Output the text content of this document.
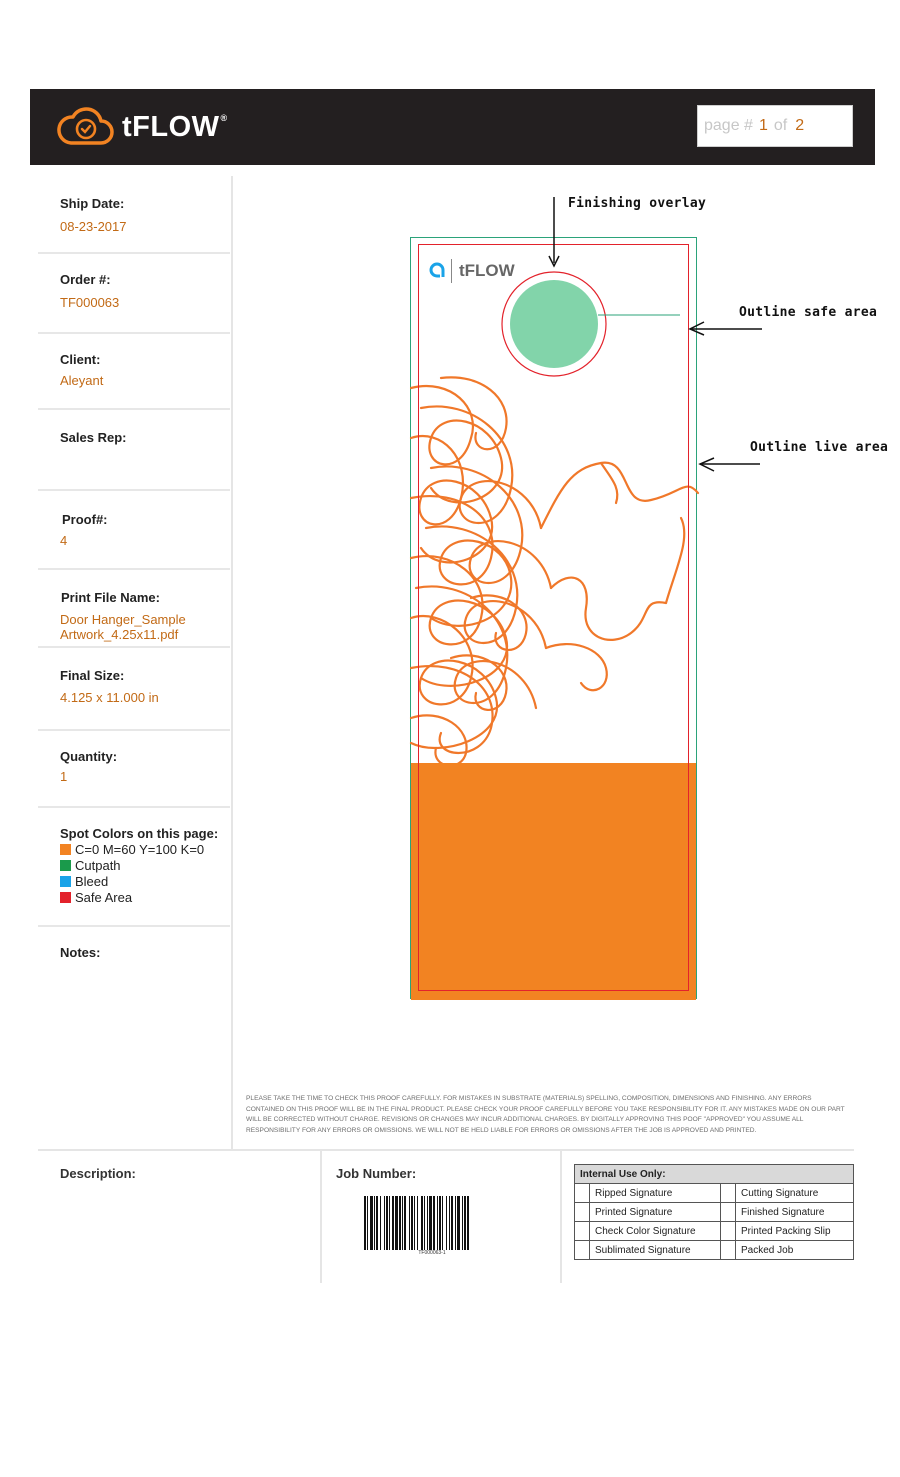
tFLOW®	page # 1 of 2
Ship Date:
08-23-2017
Order #:
TF000063
Client:
Aleyant
Sales Rep:
Proof#:
4
Print File Name:
Door Hanger_Sample
Artwork_4.25x11.pdf
Final Size:
4.125 x 11.000 in
Quantity:
1
Spot Colors on this page:
C=0 M=60 Y=100 K=0
Cutpath
Bleed
Safe Area
Notes:
Does your
workflow look
like this?
tFLOW
Finishing overlay
Outline safe area
Outline live area
PLEASE TAKE THE TIME TO CHECK THIS PROOF CAREFULLY. FOR MISTAKES IN SUBSTRATE (MATERIALS) SPELLING, COMPOSITION, DIMENSIONS AND FINISHING. ANY ERRORS CONTAINED ON THIS PROOF WILL BE IN THE FINAL PRODUCT. PLEASE CHECK YOUR PROOF CAREFULLY BEFORE YOU TAKE RESPONSIBILITY FOR IT. ANY MISTAKES MADE ON OUR PART WILL BE CORRECTED WITHOUT CHARGE. REVISIONS OR CHANGES MAY INCUR ADDITIONAL CHARGES. BY DIGITALLY APPROVING THIS POOF "APPROVED" YOU ASSUME ALL RESPONSIBILITY FOR ANY ERRORS OR OMISSIONS. WE WILL NOT BE HELD LIABLE FOR ERRORS OR OMISSIONS AFTER THE JOB IS APPROVED AND PRINTED.
Description:	Job Number:
TF000063-1
Internal Use Only:			
	Ripped Signature		Cutting Signature
	Printed Signature		Finished Signature
	Check Color Signature		Printed Packing Slip
	Sublimated Signature		Packed Job
